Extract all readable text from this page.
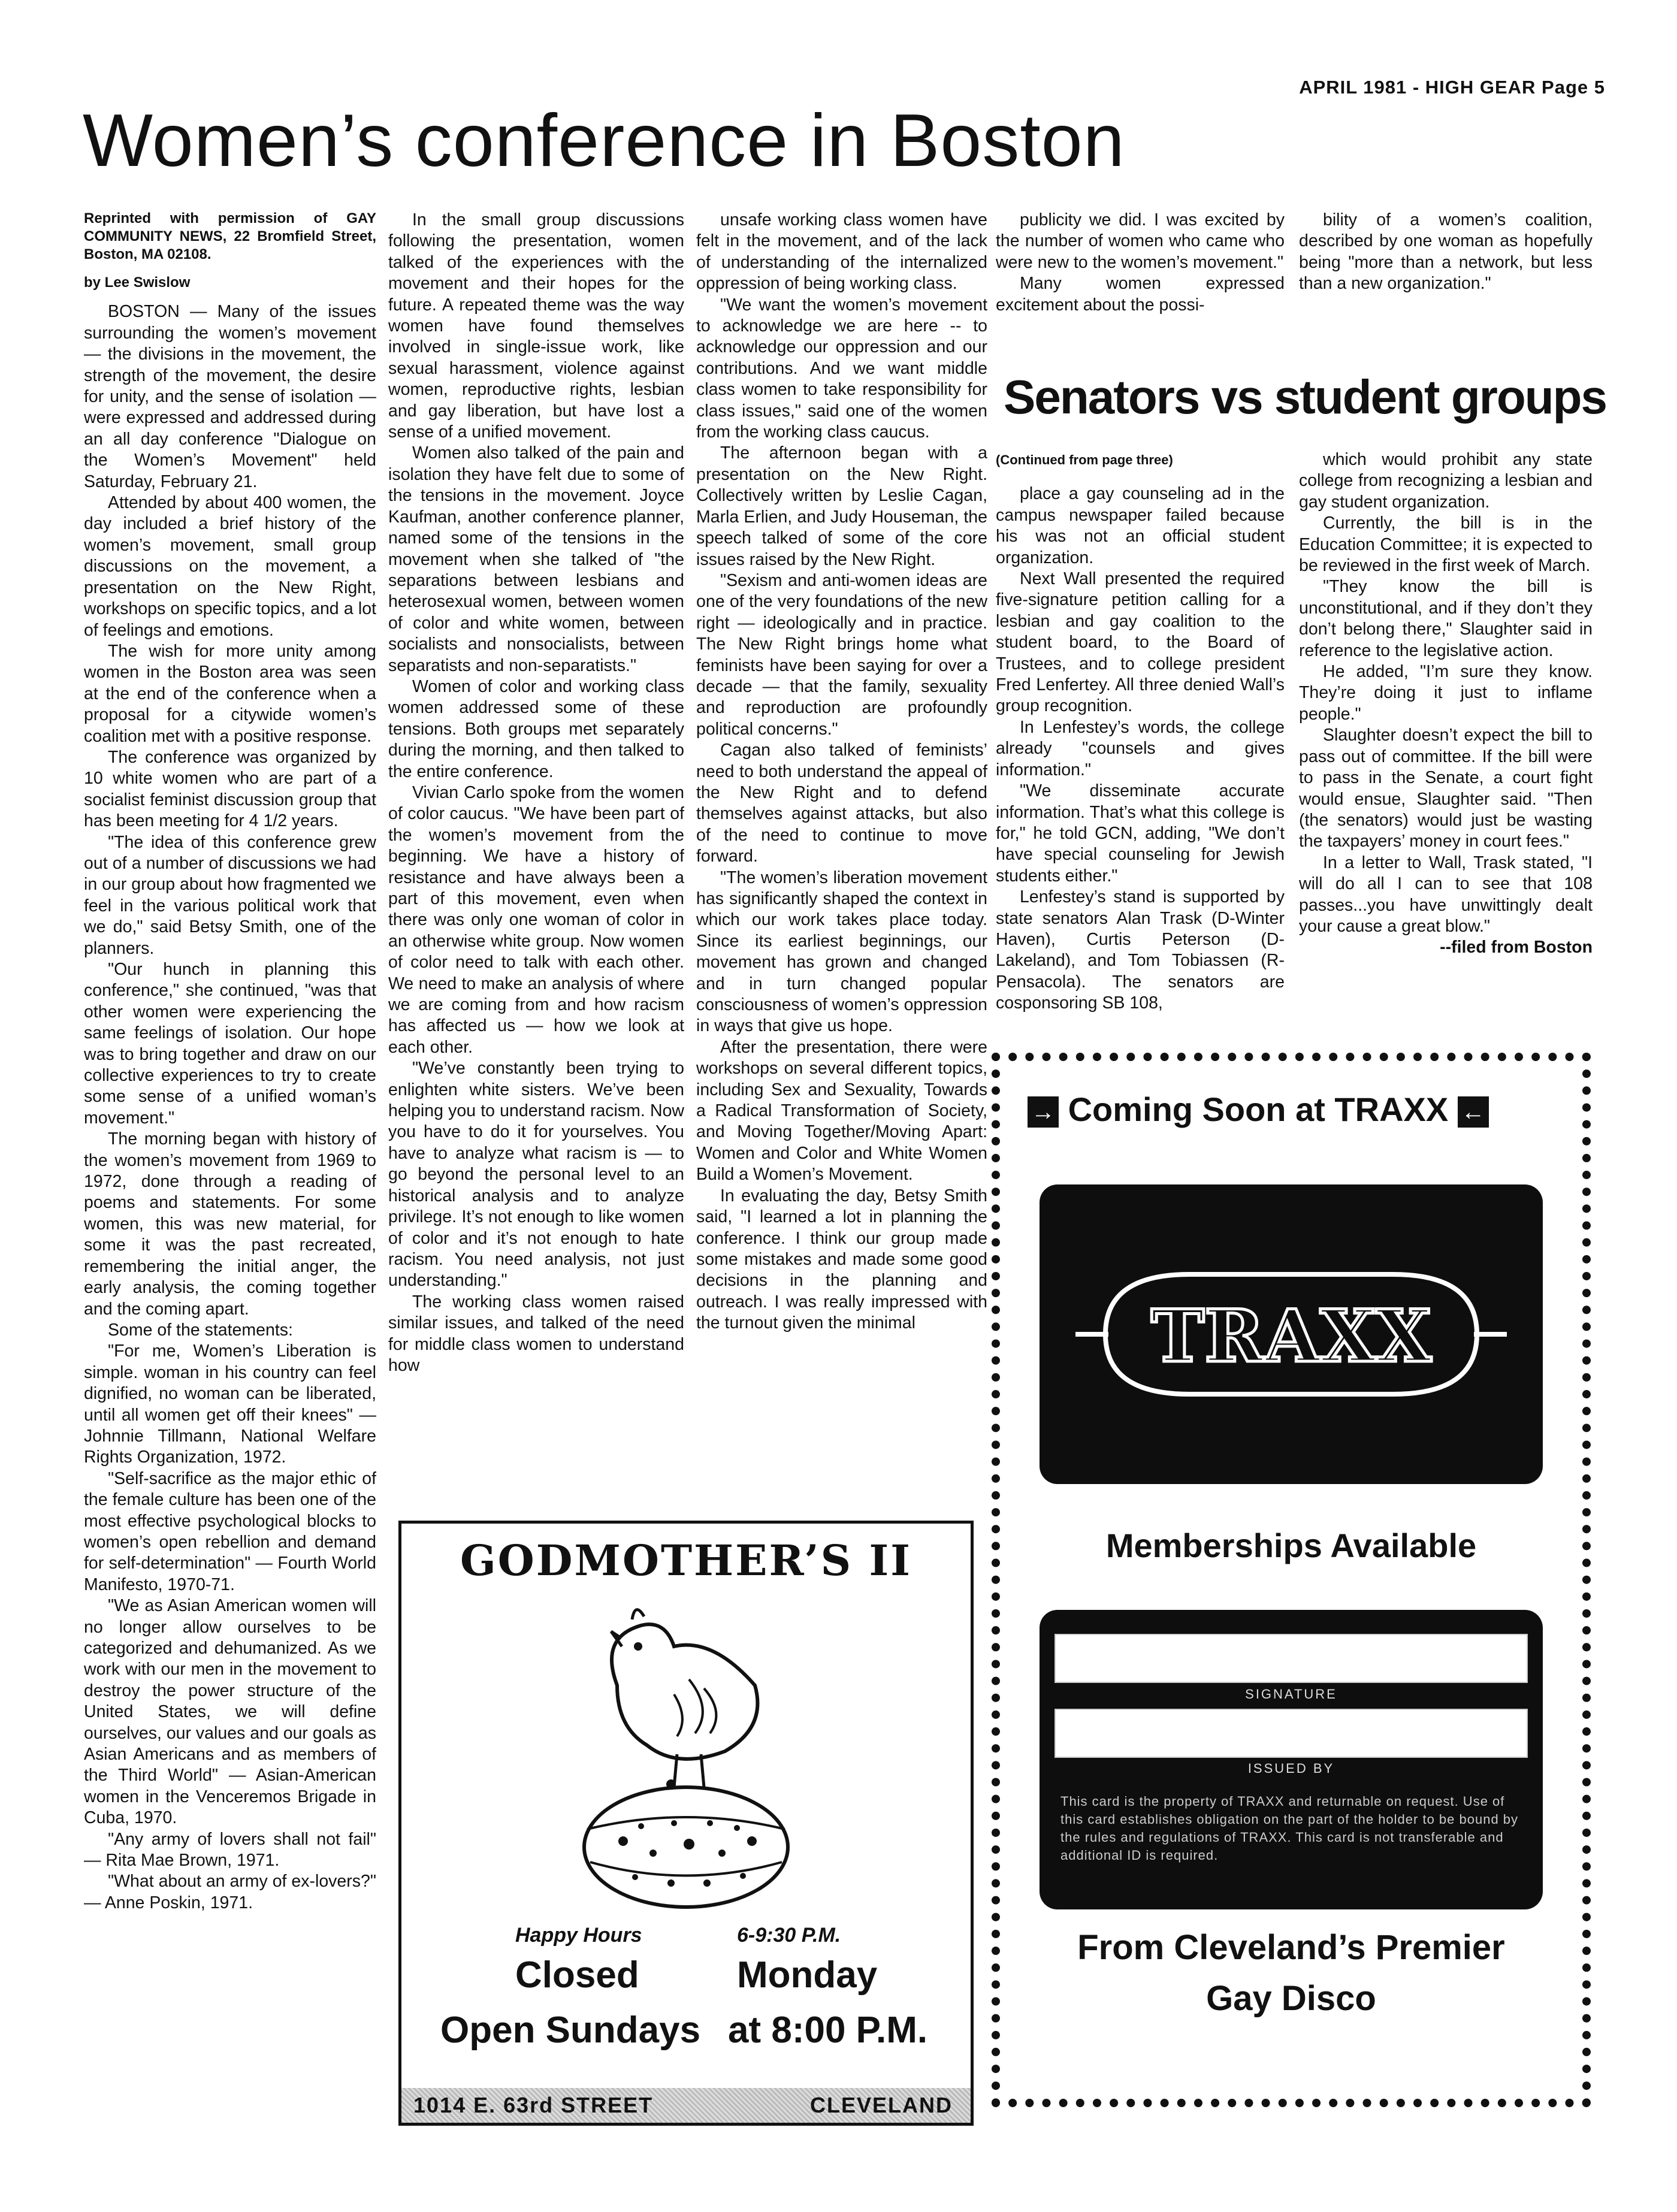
APRIL 1981 - HIGH GEAR Page 5
Women’s conference in Boston

Reprinted with permission of GAY COMMUNITY NEWS, 22 Bromfield Street, Boston, MA 02108.

by Lee Swislow

BOSTON — Many of the issues surrounding the women’s movement — the divisions in the movement, the strength of the movement, the desire for unity, and the sense of isolation — were expressed and addressed during an all day conference "Dialogue on the Women’s Movement" held Saturday, February 21.

Attended by about 400 women, the day included a brief history of the women’s movement, small group discussions on the movement, a presentation on the New Right, workshops on specific topics, and a lot of feelings and emotions.

The wish for more unity among women in the Boston area was seen at the end of the conference when a proposal for a citywide women’s coalition met with a positive response.

The conference was organized by 10 white women who are part of a socialist feminist discussion group that has been meeting for 4 1/2 years.

"The idea of this conference grew out of a number of discussions we had in our group about how fragmented we feel in the various political work that we do," said Betsy Smith, one of the planners.

"Our hunch in planning this conference," she continued, "was that other women were experiencing the same feelings of isolation. Our hope was to bring together and draw on our collective experiences to try to create some sense of a unified woman’s movement."

The morning began with history of the women’s movement from 1969 to 1972, done through a reading of poems and statements. For some women, this was new material, for some it was the past recreated, remembering the initial anger, the early analysis, the coming together and the coming apart.

Some of the statements:

"For me, Women’s Liberation is simple. woman in his country can feel dignified, no woman can be liberated, until all women get off their knees" — Johnnie Tillmann, National Welfare Rights Organization, 1972.

"Self-sacrifice as the major ethic of the female culture has been one of the most effective psychological blocks to women’s open rebellion and demand for self-determination" — Fourth World Manifesto, 1970-71.

"We as Asian American women will no longer allow ourselves to be categorized and dehumanized. As we work with our men in the movement to destroy the power structure of the United States, we will define ourselves, our values and our goals as Asian Americans and as members of the Third World" — Asian-American women in the Venceremos Brigade in Cuba, 1970.

"Any army of lovers shall not fail" — Rita Mae Brown, 1971.

"What about an army of ex-lovers?" — Anne Poskin, 1971.

In the small group discussions following the presentation, women talked of the experiences with the movement and their hopes for the future. A repeated theme was the way women have found themselves involved in single-issue work, like sexual harassment, violence against women, reproductive rights, lesbian and gay liberation, but have lost a sense of a unified movement.

Women also talked of the pain and isolation they have felt due to some of the tensions in the movement. Joyce Kaufman, another conference planner, named some of the tensions in the movement when she talked of "the separations between lesbians and heterosexual women, between women of color and white women, between socialists and nonsocialists, between separatists and non-separatists."

Women of color and working class women addressed some of these tensions. Both groups met separately during the morning, and then talked to the entire conference.

Vivian Carlo spoke from the women of color caucus. "We have been part of the women’s movement from the beginning. We have a history of resistance and have always been a part of this movement, even when there was only one woman of color in an otherwise white group. Now women of color need to talk with each other. We need to make an analysis of where we are coming from and how racism has affected us — how we look at each other.

"We’ve constantly been trying to enlighten white sisters. We’ve been helping you to understand racism. Now you have to do it for yourselves. You have to analyze what racism is — to go beyond the personal level to an historical analysis and to analyze privilege. It’s not enough to like women of color and it’s not enough to hate racism. You need analysis, not just understanding."

The working class women raised similar issues, and talked of the need for middle class women to understand how

unsafe working class women have felt in the movement, and of the lack of understanding of the internalized oppression of being working class.

"We want the women’s movement to acknowledge we are here -- to acknowledge our oppression and our contributions. And we want middle class women to take responsibility for class issues," said one of the women from the working class caucus.

The afternoon began with a presentation on the New Right. Collectively written by Leslie Cagan, Marla Erlien, and Judy Houseman, the speech talked of some of the core issues raised by the New Right.

"Sexism and anti-women ideas are one of the very foundations of the new right — ideologically and in practice. The New Right brings home what feminists have been saying for over a decade — that the family, sexuality and reproduction are profoundly political concerns."

Cagan also talked of feminists’ need to both understand the appeal of the New Right and to defend themselves against attacks, but also of the need to continue to move forward.

"The women’s liberation movement has significantly shaped the context in which our work takes place today. Since its earliest beginnings, our movement has grown and changed and in turn changed popular consciousness of women’s oppression in ways that give us hope.

After the presentation, there were workshops on several different topics, including Sex and Sexuality, Towards a Radical Transformation of Society, and Moving Together/Moving Apart: Women and Color and White Women Build a Women’s Movement.

In evaluating the day, Betsy Smith said, "I learned a lot in planning the conference. I think our group made some mistakes and made some good decisions in the planning and outreach. I was really impressed with the turnout given the minimal

publicity we did. I was excited by the number of women who came who were new to the women’s movement."

Many women expressed excitement about the possi-

bility of a women’s coalition, described by one woman as hopefully being "more than a network, but less than a new organization."

Senators vs student groups

(Continued from page three)

place a gay counseling ad in the campus newspaper failed because his was not an official student organization.

Next Wall presented the required five-signature petition calling for a lesbian and gay coalition to the student board, to the Board of Trustees, and to college president Fred Lenfertey. All three denied Wall’s group recognition.

In Lenfestey’s words, the college already "counsels and gives information."

"We disseminate accurate information. That’s what this college is for," he told GCN, adding, "We don’t have special counseling for Jewish students either."

Lenfestey’s stand is supported by state senators Alan Trask (D-Winter Haven), Curtis Peterson (D-Lakeland), and Tom Tobiassen (R-Pensacola). The senators are cosponsoring SB 108,

which would prohibit any state college from recognizing a lesbian and gay student organization.

Currently, the bill is in the Education Committee; it is expected to be reviewed in the first week of March.

"They know the bill is unconstitutional, and if they don’t they don’t belong there," Slaughter said in reference to the legislative action.

He added, "I’m sure they know. They’re doing it just to inflame people."

Slaughter doesn’t expect the bill to pass out of committee. If the bill were to pass in the Senate, a court fight would ensue, Slaughter said. "Then (the senators) would just be wasting the taxpayers’ money in court fees."

In a letter to Wall, Trask stated, "I will do all I can to see that 108 passes...you have unwittingly dealt your cause a great blow."

--filed from Boston

GODMOTHER’S II
Happy Hours	6-9:30 P.M.
Closed	Monday
Open Sundays at 8:00 P.M.
1014 E. 63rd STREET	CLEVELAND
→ Coming Soon at TRAXX ←
TRAXX
Memberships Available
SIGNATURE
ISSUED BY
This card is the property of TRAXX and returnable on request. Use of this card establishes obligation on the part of the holder to be bound by the rules and regulations of TRAXX. This card is not transferable and additional ID is required.
From Cleveland’s Premier
Gay Disco
